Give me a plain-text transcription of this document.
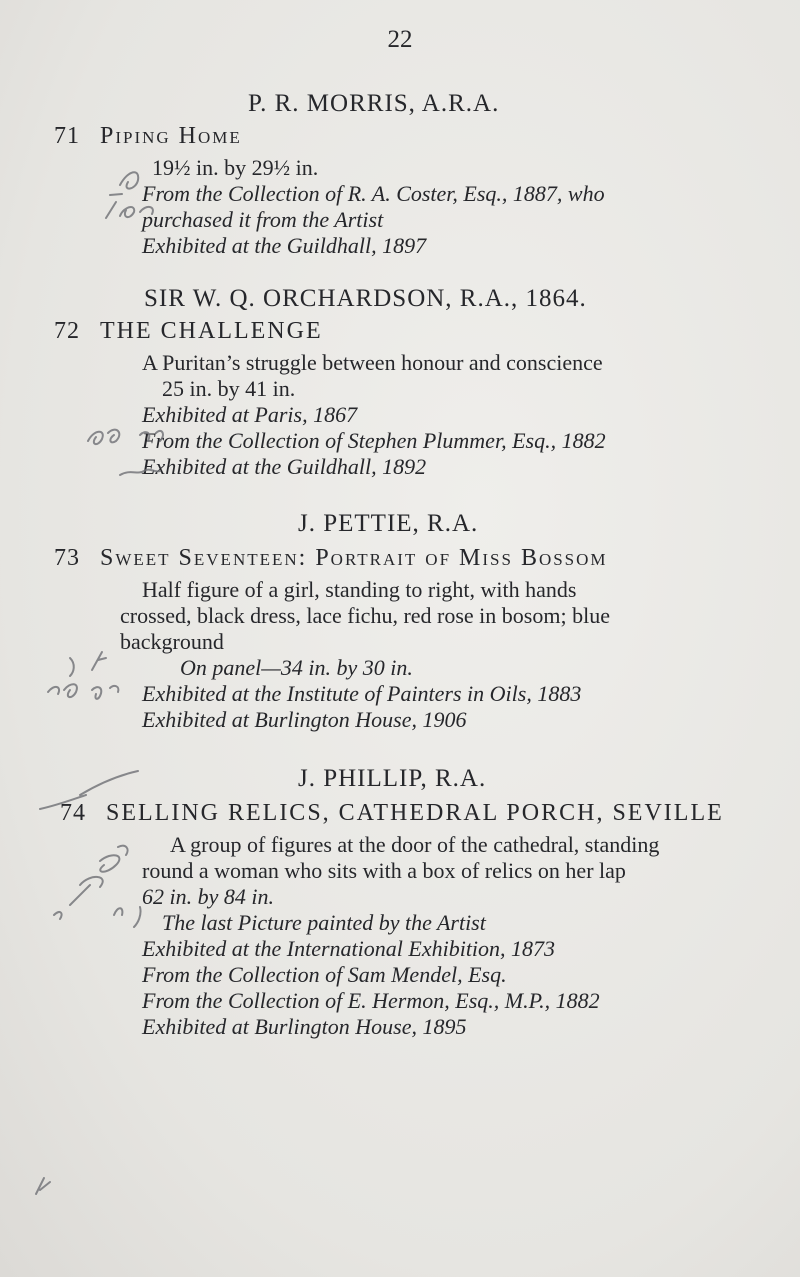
22
P. R. MORRIS, A.R.A.
71 Piping Home
19½ in. by 29½ in.
From the Collection of R. A. Coster, Esq., 1887, who
purchased it from the Artist
Exhibited at the Guildhall, 1897
SIR W. Q. ORCHARDSON, R.A., 1864.
72 THE CHALLENGE
A Puritan’s struggle between honour and conscience
25 in. by 41 in.
Exhibited at Paris, 1867
From the Collection of Stephen Plummer, Esq., 1882
Exhibited at the Guildhall, 1892
J. PETTIE, R.A.
73 Sweet Seventeen: Portrait of Miss Bossom
Half figure of a girl, standing to right, with hands
crossed, black dress, lace fichu, red rose in bosom; blue
background
On panel—34 in. by 30 in.
Exhibited at the Institute of Painters in Oils, 1883
Exhibited at Burlington House, 1906
J. PHILLIP, R.A.
74 SELLING RELICS, CATHEDRAL PORCH, SEVILLE
A group of figures at the door of the cathedral, standing
round a woman who sits with a box of relics on her lap
62 in. by 84 in.
The last Picture painted by the Artist
Exhibited at the International Exhibition, 1873
From the Collection of Sam Mendel, Esq.
From the Collection of E. Hermon, Esq., M.P., 1882
Exhibited at Burlington House, 1895
